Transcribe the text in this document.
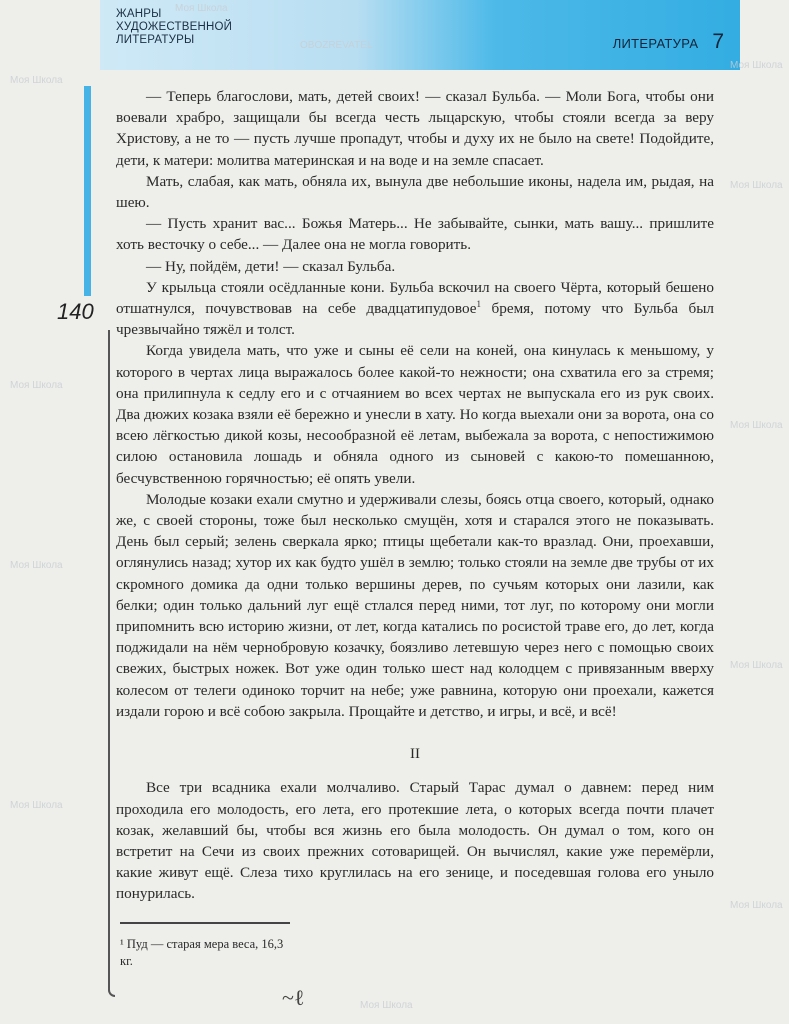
ЖАНРЫ
ХУДОЖЕСТВЕННОЙ
ЛИТЕРАТУРЫ	ЛИТЕРАТУРА 7
Моя Школа
OBOZREVATEL
Моя Школа
Моя Школа
Моя Школа
Моя Школа
Моя Школа
Моя Школа
Моя Школа
Моя Школа
Моя Школа
Моя Школа
140
~ℓ

— Теперь благослови, мать, детей своих! — сказал Бульба. — Моли Бога, чтобы они воевали храбро, защищали бы всегда честь лыцарскую, чтобы стояли всегда за веру Христову, а не то — пусть лучше пропадут, чтобы и духу их не было на свете! Подойдите, дети, к матери: молитва материнская и на воде и на земле спасает.

Мать, слабая, как мать, обняла их, вынула две небольшие иконы, надела им, рыдая, на шею.

— Пусть хранит вас... Божья Матерь... Не забывайте, сынки, мать вашу... пришлите хоть весточку о себе... — Далее она не могла говорить.

— Ну, пойдём, дети! — сказал Бульба.

У крыльца стояли осёдланные кони. Бульба вскочил на своего Чёрта, который бешено отшатнулся, почувствовав на себе двадцатипудовое$^1$ бремя, потому что Бульба был чрезвычайно тяжёл и толст.

Когда увидела мать, что уже и сыны её сели на коней, она кинулась к меньшому, у которого в чертах лица выражалось более какой-то нежности; она схватила его за стремя; она прилипнула к седлу его и с отчаянием во всех чертах не выпускала его из рук своих. Два дюжих козака взяли её бережно и унесли в хату. Но когда выехали они за ворота, она со всею лёгкостью дикой козы, несообразной её летам, выбежала за ворота, с непостижимою силою остановила лошадь и обняла одного из сыновей с какою-то помешанною, бесчувственною горячностью; её опять увели.

Молодые козаки ехали смутно и удерживали слезы, боясь отца своего, который, однако же, с своей стороны, тоже был несколько смущён, хотя и старался этого не показывать. День был серый; зелень сверкала ярко; птицы щебетали как-то вразлад. Они, проехавши, оглянулись назад; хутор их как будто ушёл в землю; только стояли на земле две трубы от их скромного домика да одни только вершины дерев, по сучьям которых они лазили, как белки; один только дальний луг ещё стлался перед ними, тот луг, по которому они могли припомнить всю историю жизни, от лет, когда катались по росистой траве его, до лет, когда поджидали на нём чернобровую козачку, боязливо летевшую через него с помощью своих свежих, быстрых ножек. Вот уже один только шест над колодцем с привязанным вверху колесом от телеги одиноко торчит на небе; уже равнина, которую они проехали, кажется издали горою и всё собою закрыла. Прощайте и детство, и игры, и всё, и всё!

II

Все три всадника ехали молчаливо. Старый Тарас думал о давнем: перед ним проходила его молодость, его лета, его протекшие лета, о которых всегда почти плачет козак, желавший бы, чтобы вся жизнь его была молодость. Он думал о том, кого он встретит на Сечи из своих прежних сотоварищей. Он вычислял, какие уже перемёрли, какие живут ещё. Слеза тихо круглилась на его зенице, и поседевшая голова его уныло понурилась.

¹ Пуд — старая мера веса, 16,3 кг.
